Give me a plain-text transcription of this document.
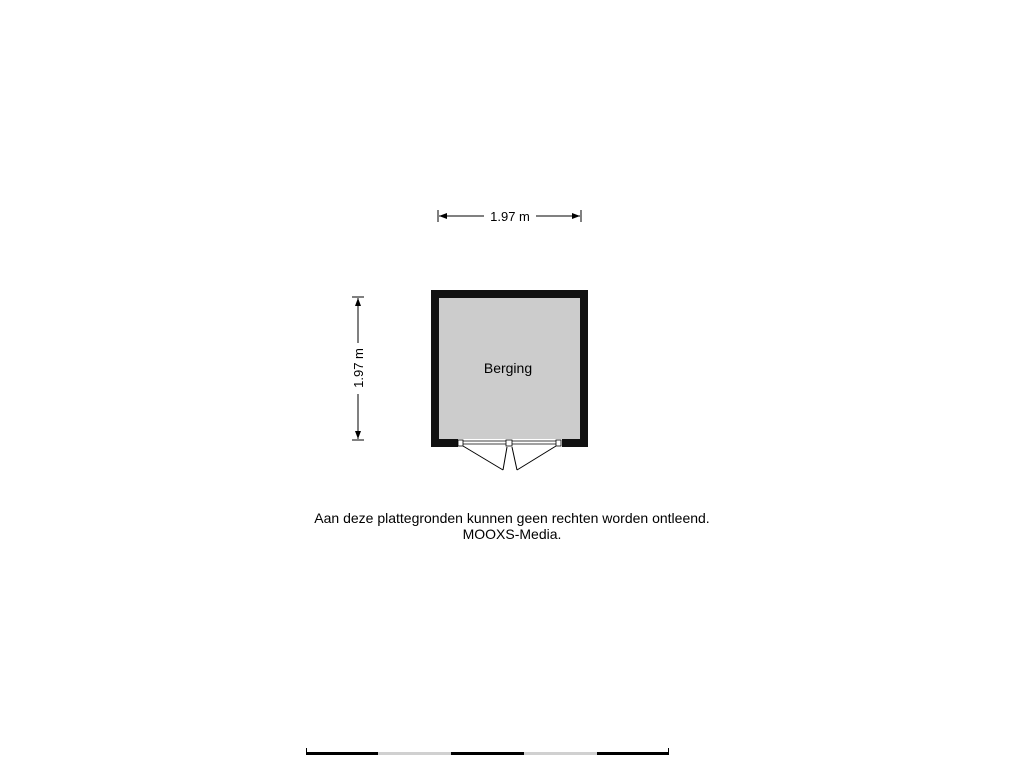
1.97 m
1.97 m	Berging
Aan deze plattegronden kunnen geen rechten worden ontleend.
MOOXS-Media.
